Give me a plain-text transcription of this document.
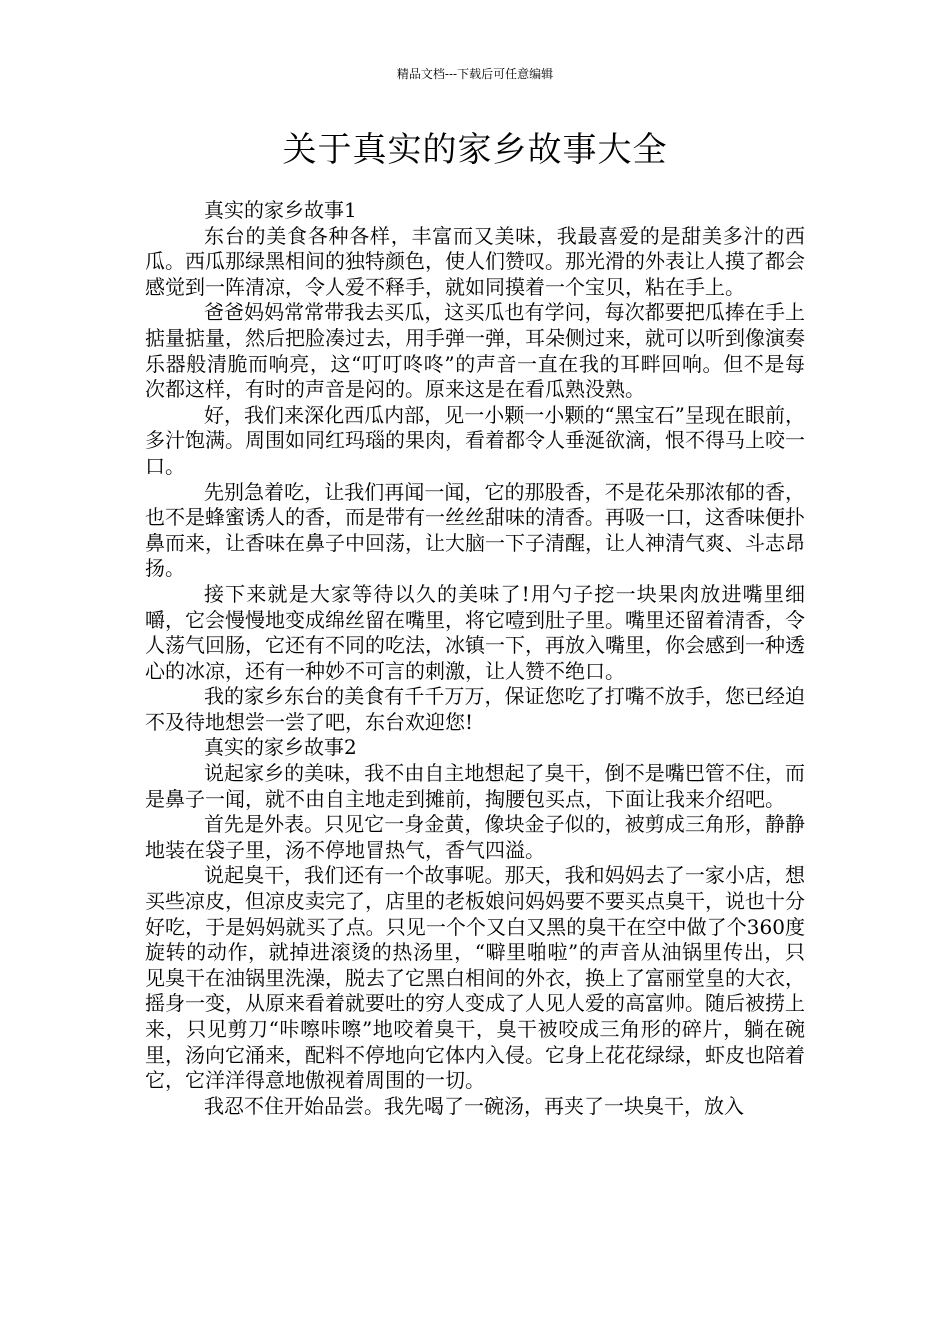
精品文档---下载后可任意编辑
关于真实的家乡故事大全

真实的家乡故事1

东台的美食各种各样，丰富而又美味，我最喜爱的是甜美多汁的西瓜。西瓜那绿黑相间的独特颜色，使人们赞叹。那光滑的外表让人摸了都会感觉到一阵清凉，令人爱不释手，就如同摸着一个宝贝，粘在手上。

爸爸妈妈常常带我去买瓜，这买瓜也有学问，每次都要把瓜捧在手上掂量掂量，然后把脸凑过去，用手弹一弹，耳朵侧过来，就可以听到像演奏乐器般清脆而响亮，这“叮叮咚咚”的声音一直在我的耳畔回响。但不是每次都这样，有时的声音是闷的。原来这是在看瓜熟没熟。

好，我们来深化西瓜内部，见一小颗一小颗的“黑宝石”呈现在眼前，多汁饱满。周围如同红玛瑙的果肉，看着都令人垂涎欲滴，恨不得马上咬一口。

先别急着吃，让我们再闻一闻，它的那股香，不是花朵那浓郁的香，也不是蜂蜜诱人的香，而是带有一丝丝甜味的清香。再吸一口，这香味便扑鼻而来，让香味在鼻子中回荡，让大脑一下子清醒，让人神清气爽、斗志昂扬。

接下来就是大家等待以久的美味了!用勺子挖一块果肉放进嘴里细嚼，它会慢慢地变成绵丝留在嘴里，将它噎到肚子里。嘴里还留着清香，令人荡气回肠，它还有不同的吃法，冰镇一下，再放入嘴里，你会感到一种透心的冰凉，还有一种妙不可言的刺激，让人赞不绝口。

我的家乡东台的美食有千千万万，保证您吃了打嘴不放手，您已经迫不及待地想尝一尝了吧，东台欢迎您!

真实的家乡故事2

说起家乡的美味，我不由自主地想起了臭干，倒不是嘴巴管不住，而是鼻子一闻，就不由自主地走到摊前，掏腰包买点，下面让我来介绍吧。

首先是外表。只见它一身金黄，像块金子似的，被剪成三角形，静静地装在袋子里，汤不停地冒热气，香气四溢。

说起臭干，我们还有一个故事呢。那天，我和妈妈去了一家小店，想买些凉皮，但凉皮卖完了，店里的老板娘问妈妈要不要买点臭干，说也十分好吃，于是妈妈就买了点。只见一个个又白又黑的臭干在空中做了个360度旋转的动作，就掉进滚烫的热汤里，“噼里啪啦”的声音从油锅里传出，只见臭干在油锅里洗澡，脱去了它黑白相间的外衣，换上了富丽堂皇的大衣，摇身一变，从原来看着就要吐的穷人变成了人见人爱的高富帅。随后被捞上来，只见剪刀“咔嚓咔嚓”地咬着臭干，臭干被咬成三角形的碎片，躺在碗里，汤向它涌来，配料不停地向它体内入侵。它身上花花绿绿，虾皮也陪着它，它洋洋得意地傲视着周围的一切。

我忍不住开始品尝。我先喝了一碗汤，再夹了一块臭干，放入
